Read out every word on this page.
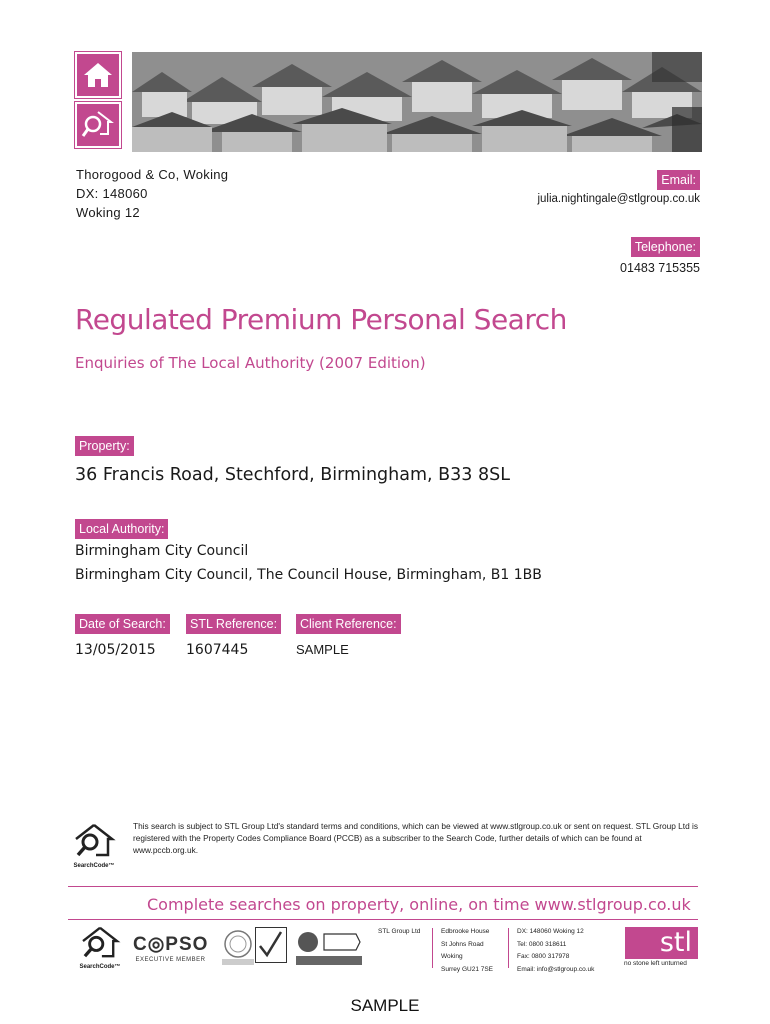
Thorogood & Co, Woking
DX: 148060
Woking 12
Email:
julia.nightingale@stlgroup.co.uk
Telephone:
01483 715355
Regulated Premium Personal Search
Enquiries of The Local Authority (2007 Edition)
Property:
36 Francis Road, Stechford, Birmingham, B33 8SL
Local Authority:
Birmingham City Council
Birmingham City Council, The Council House, Birmingham, B1 1BB
Date of Search:
13/05/2015
STL Reference:
1607445
Client Reference:
SAMPLE
SearchCode™
This search is subject to STL Group Ltd's standard terms and conditions, which can be viewed at www.stlgroup.co.uk or sent on request. STL Group Ltd is registered with the Property Codes Compliance Board (PCCB) as a subscriber to the Search Code, further details of which can be found at www.pccb.org.uk.
Complete searches on property, online, on time www.stlgroup.co.uk
SearchCode™
C◎PSO
EXECUTIVE MEMBER
STL Group Ltd	Edbrooke House
St Johns Road
Woking
Surrey GU21 7SE
DX: 148060 Woking 12
Tel: 0800 318611
Fax: 0800 317978
Email: info@stlgroup.co.uk
stl
no stone left unturned
SAMPLE
